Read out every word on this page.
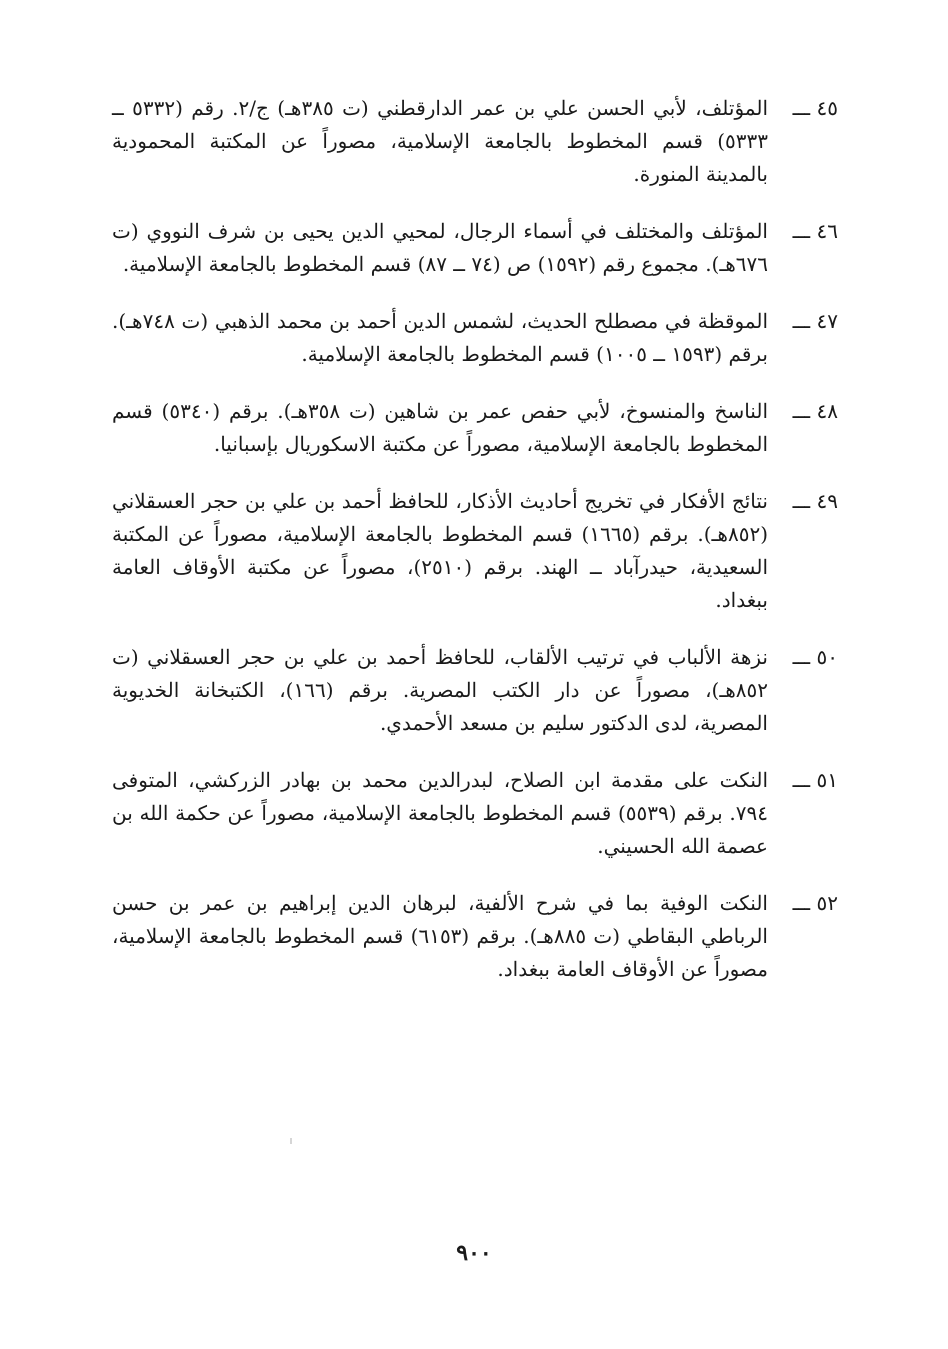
٤٥ ـــ
المؤتلف، لأبي الحسن علي بن عمر الدارقطني (ت ٣٨٥هـ) ج/٢. رقم (٥٣٣٢ ــ ٥٣٣٣) قسم المخطوط بالجامعة الإسلامية، مصوراً عن المكتبة المحمودية بالمدينة المنورة.
٤٦ ـــ
المؤتلف والمختلف في أسماء الرجال، لمحيي الدين يحيى بن شرف النووي (ت ٦٧٦هـ). مجموع رقم (١٥٩٢) ص (٧٤ ــ ٨٧) قسم المخطوط بالجامعة الإسلامية.
٤٧ ـــ
الموقظة في مصطلح الحديث، لشمس الدين أحمد بن محمد الذهبي (ت ٧٤٨هـ). برقم (١٥٩٣ ــ ١٠٠٥) قسم المخطوط بالجامعة الإسلامية.
٤٨ ـــ
الناسخ والمنسوخ، لأبي حفص عمر بن شاهين (ت ٣٥٨هـ). برقم (٥٣٤٠) قسم المخطوط بالجامعة الإسلامية، مصوراً عن مكتبة الاسكوريال بإسبانيا.
٤٩ ـــ
نتائج الأفكار في تخريج أحاديث الأذكار، للحافظ أحمد بن علي بن حجر العسقلاني (٨٥٢هـ). برقم (١٦٦٥) قسم المخطوط بالجامعة الإسلامية، مصوراً عن المكتبة السعيدية، حيدرآباد ــ الهند. برقم (٢٥١٠)، مصوراً عن مكتبة الأوقاف العامة ببغداد.
٥٠ ـــ
نزهة الألباب في ترتيب الألقاب، للحافظ أحمد بن علي بن حجر العسقلاني (ت ٨٥٢هـ)، مصوراً عن دار الكتب المصرية. برقم (١٦٦)، الكتبخانة الخديوية المصرية، لدى الدكتور سليم بن مسعد الأحمدي.
٥١ ـــ
النكت على مقدمة ابن الصلاح، لبدرالدين محمد بن بهادر الزركشي، المتوفى ٧٩٤. برقم (٥٥٣٩) قسم المخطوط بالجامعة الإسلامية، مصوراً عن حكمة الله بن عصمة الله الحسيني.
٥٢ ـــ
النكت الوفية بما في شرح الألفية، لبرهان الدين إبراهيم بن عمر بن حسن الرباطي البقاطي (ت ٨٨٥هـ). برقم (٦١٥٣) قسم المخطوط بالجامعة الإسلامية، مصوراً عن الأوقاف العامة ببغداد.
٩٠٠
